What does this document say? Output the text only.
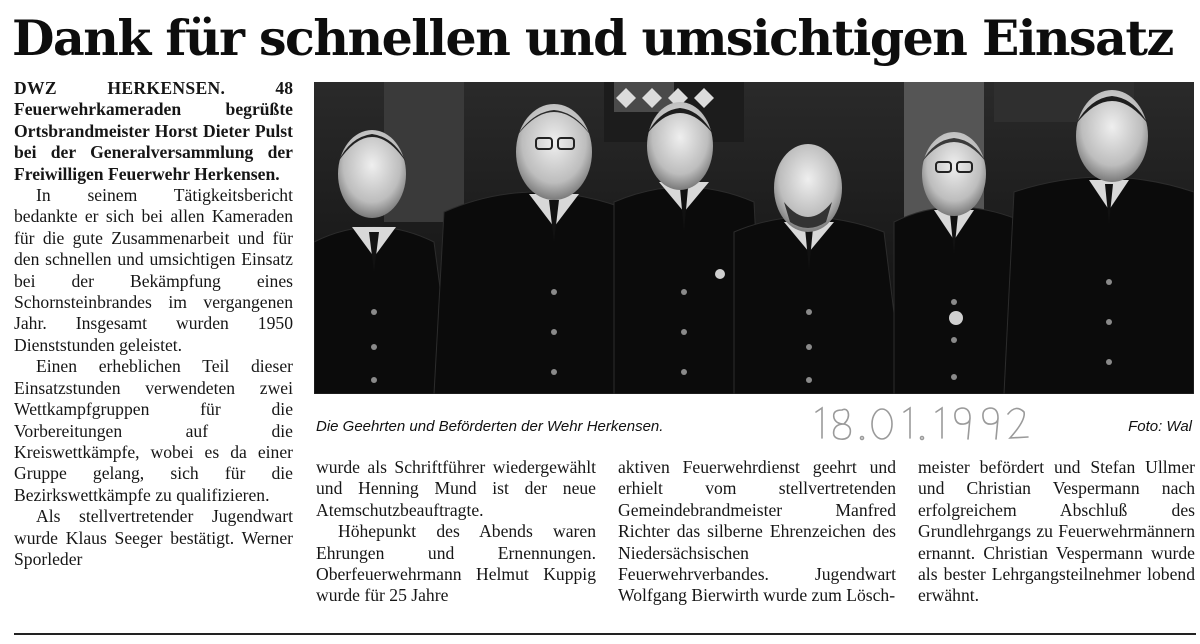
Dank für schnellen und umsichtigen Einsatz

DWZ HERKENSEN.	48 Feuerwehrkameraden begrüßte Ortsbrandmeister Horst Dieter Pulst bei der Generalversammlung der Freiwilligen Feuerwehr Herkensen.

In seinem Tätigkeitsbericht bedankte er sich bei allen Kameraden für die gute Zusammenarbeit und für den schnellen und umsichtigen Einsatz bei der Bekämpfung eines Schornsteinbrandes im vergangenen Jahr. Insgesamt wurden 1950 Dienststunden geleistet.

Einen erheblichen Teil dieser Einsatzstunden verwendeten zwei Wettkampfgruppen für die Vorbereitungen auf die Kreiswettkämpfe, wobei es da einer Gruppe gelang, sich für die Bezirkswettkämpfe zu qualifizieren.

Als stellvertretender Jugendwart wurde Klaus Seeger bestätigt. Werner Sporleder

Die Geehrten und Beförderten der Wehr Herkensen.	Foto: Wal

wurde als Schriftführer wiedergewählt und Henning Mund ist der neue Atemschutzbeauftragte.

Höhepunkt des Abends waren Ehrungen und Ernennungen. Oberfeuerwehrmann Helmut Kuppig wurde für 25 Jahre

aktiven Feuerwehrdienst geehrt und erhielt vom stellvertretenden Gemeindebrandmeister Manfred Richter das silberne Ehrenzeichen des Niedersächsischen Feuerwehrverbandes. Jugendwart Wolfgang Bierwirth wurde zum Lösch-

meister befördert und Stefan Ullmer und Christian Vespermann nach erfolgreichem Abschluß des Grundlehrgangs zu Feuerwehrmännern ernannt. Christian Vespermann wurde als bester Lehrgangsteilnehmer lobend erwähnt.
